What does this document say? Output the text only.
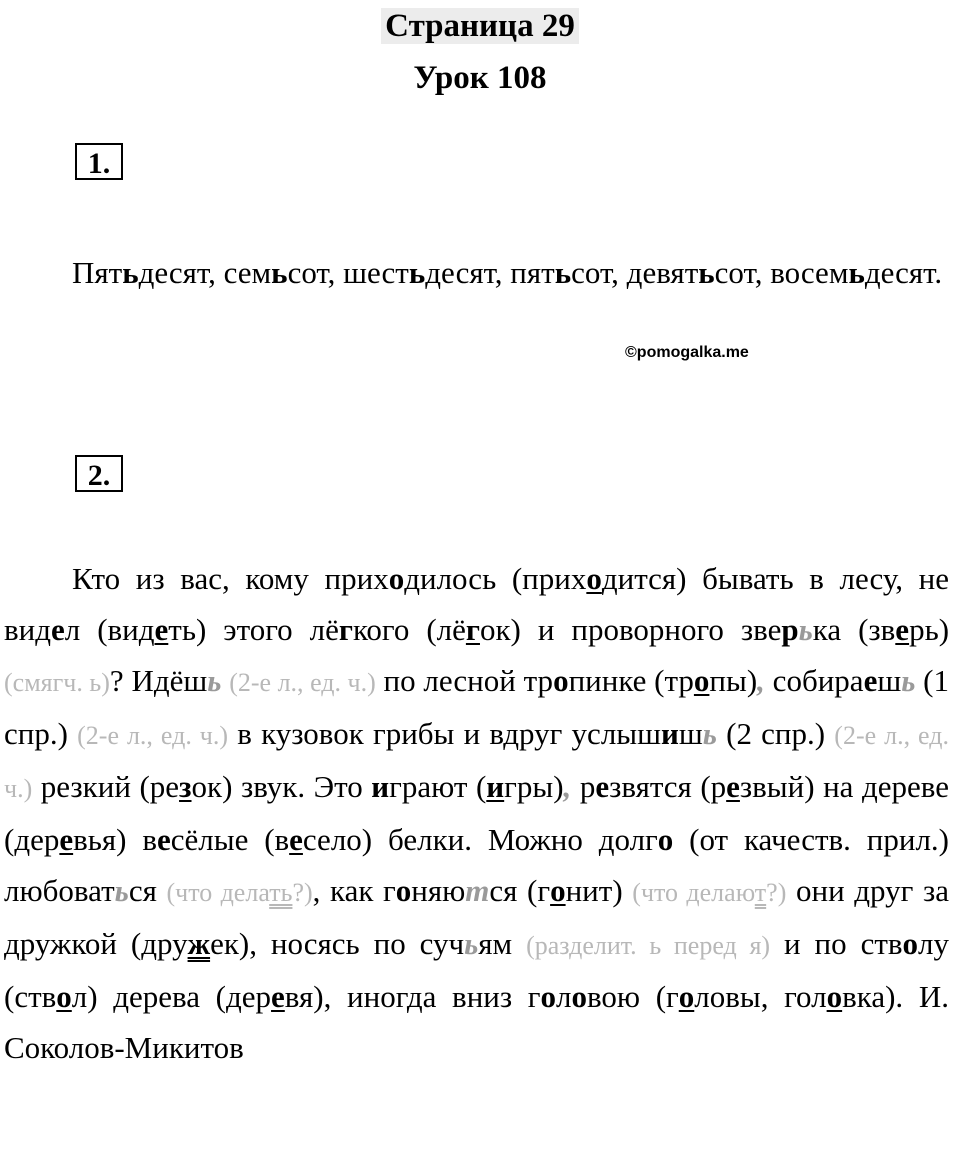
Страница 29
Урок 108
1.

Пятьдесят, семьсот, шестьдесят, пятьсот, девятьсот, восемьдесят.

©pomogalka.me
2.

Кто из вас, кому приходилось (приходится) бывать в лесу, не видел (видеть) этого лёгкого (лёгок) и проворного зверька (зверь) (смягч. ь)? Идёшь (2-е л., ед. ч.) по лесной тропинке (тропы), собираешь (1 спр.) (2-е л., ед. ч.) в кузовок грибы и вдруг услышишь (2 спр.) (2-е л., ед. ч.) резкий (резок) звук. Это играют (игры), резвятся (резвый) на дереве (деревья) весёлые (весело) белки. Можно долго (от качеств. прил.) любоваться (что делать?), как гоняются (гонит) (что делают?) они друг за дружкой (дружек), носясь по сучьям (разделит. ь перед я) и по стволу (ствол) дерева (деревя), иногда вниз головою (головы, головка). И. Соколов-Микитов
